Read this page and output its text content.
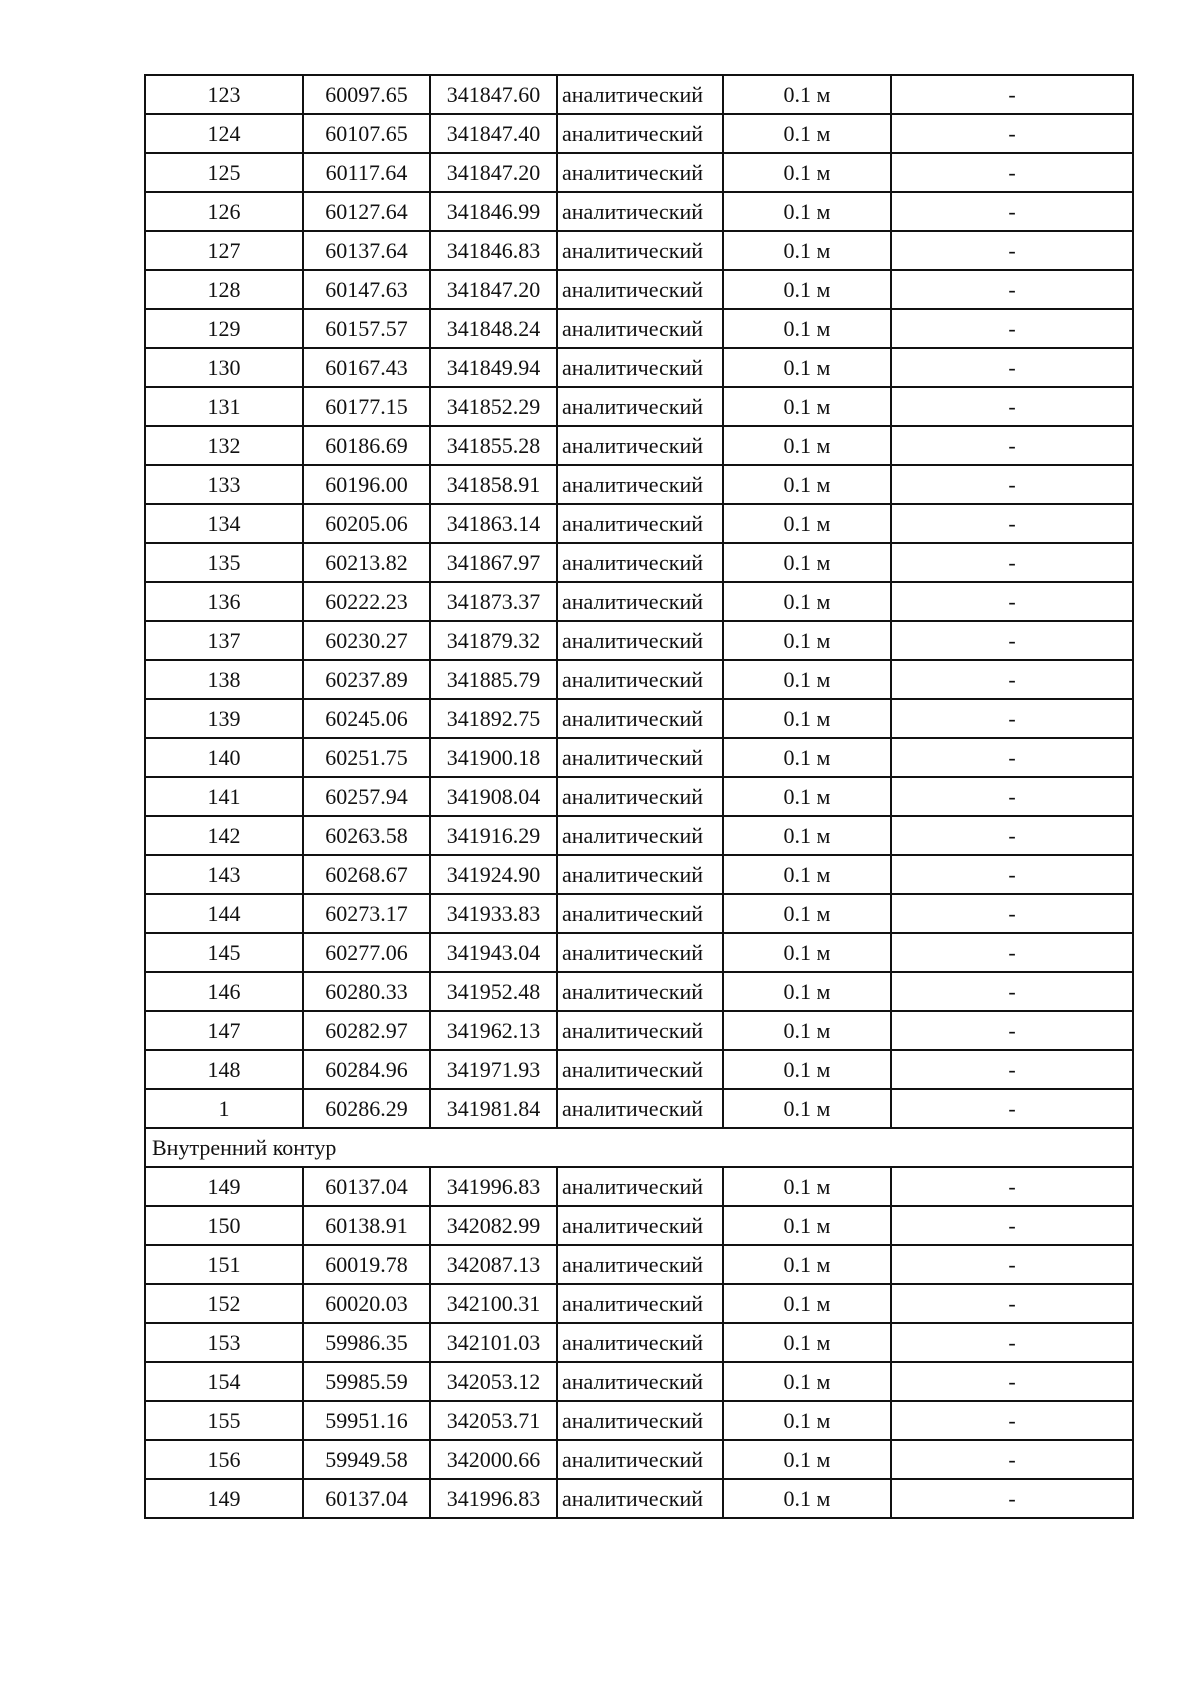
123	60097.65	341847.60	аналитический	0.1 м	-
124	60107.65	341847.40	аналитический	0.1 м	-
125	60117.64	341847.20	аналитический	0.1 м	-
126	60127.64	341846.99	аналитический	0.1 м	-
127	60137.64	341846.83	аналитический	0.1 м	-
128	60147.63	341847.20	аналитический	0.1 м	-
129	60157.57	341848.24	аналитический	0.1 м	-
130	60167.43	341849.94	аналитический	0.1 м	-
131	60177.15	341852.29	аналитический	0.1 м	-
132	60186.69	341855.28	аналитический	0.1 м	-
133	60196.00	341858.91	аналитический	0.1 м	-
134	60205.06	341863.14	аналитический	0.1 м	-
135	60213.82	341867.97	аналитический	0.1 м	-
136	60222.23	341873.37	аналитический	0.1 м	-
137	60230.27	341879.32	аналитический	0.1 м	-
138	60237.89	341885.79	аналитический	0.1 м	-
139	60245.06	341892.75	аналитический	0.1 м	-
140	60251.75	341900.18	аналитический	0.1 м	-
141	60257.94	341908.04	аналитический	0.1 м	-
142	60263.58	341916.29	аналитический	0.1 м	-
143	60268.67	341924.90	аналитический	0.1 м	-
144	60273.17	341933.83	аналитический	0.1 м	-
145	60277.06	341943.04	аналитический	0.1 м	-
146	60280.33	341952.48	аналитический	0.1 м	-
147	60282.97	341962.13	аналитический	0.1 м	-
148	60284.96	341971.93	аналитический	0.1 м	-
1	60286.29	341981.84	аналитический	0.1 м	-
Внутренний контур					
149	60137.04	341996.83	аналитический	0.1 м	-
150	60138.91	342082.99	аналитический	0.1 м	-
151	60019.78	342087.13	аналитический	0.1 м	-
152	60020.03	342100.31	аналитический	0.1 м	-
153	59986.35	342101.03	аналитический	0.1 м	-
154	59985.59	342053.12	аналитический	0.1 м	-
155	59951.16	342053.71	аналитический	0.1 м	-
156	59949.58	342000.66	аналитический	0.1 м	-
149	60137.04	341996.83	аналитический	0.1 м	-
